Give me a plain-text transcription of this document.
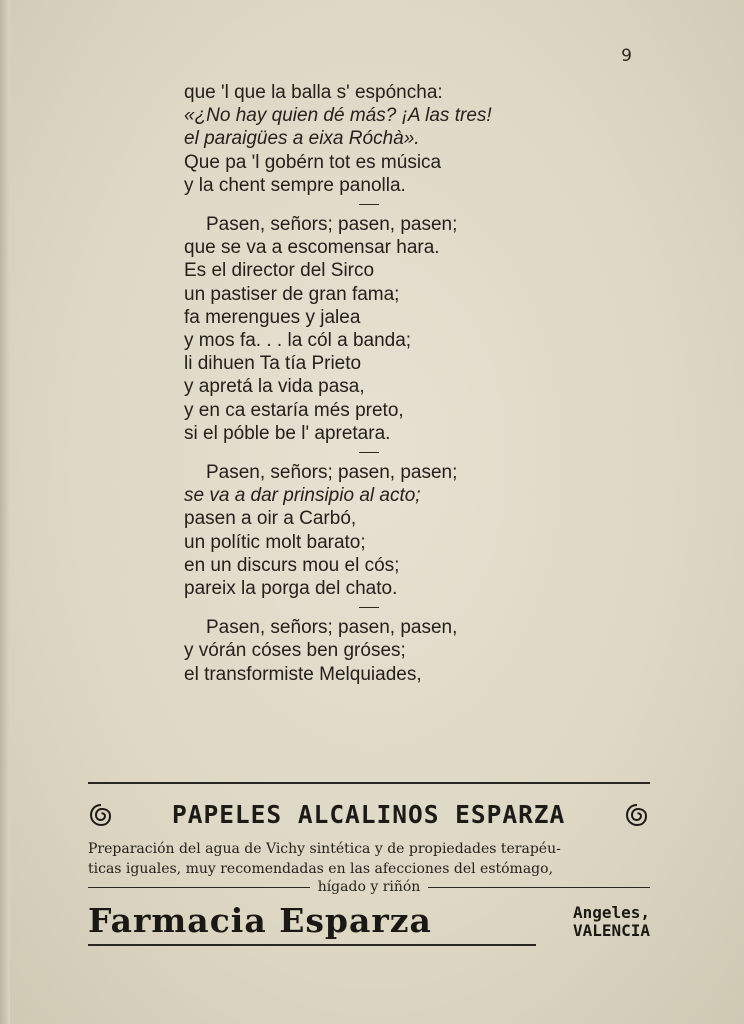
9
que 'l que la balla s' espóncha:
«¿No hay quien dé más? ¡A las tres!
el paraigües a eixa Róchà».
Que pa 'l gobérn tot es música
y la chent sempre panolla.
Pasen, señors; pasen, pasen;
que se va a escomensar hara.
Es el director del Sirco
un pastiser de gran fama;
fa merengues y jalea
y mos fa. . . la cól a banda;
li dihuen Ta tía Prieto
y apretá la vida pasa,
y en ca estaría més preto,
si el póble be l' apretara.
Pasen, señors; pasen, pasen;
se va a dar prinsipio al acto;
pasen a oir a Carbó,
un polític molt barato;
en un discurs mou el cós;
pareix la porga del chato.
Pasen, señors; pasen, pasen,
y vórán cóses ben gróses;
el transformiste Melquiades,
PAPELES ALCALINOS ESPARZA
Preparación del agua de Vichy sintética y de propiedades terapéu-
ticas iguales, muy recomendadas en las afecciones del estómago,
hígado y riñón
Farmacia Esparza	Angeles,
VALENCIA
